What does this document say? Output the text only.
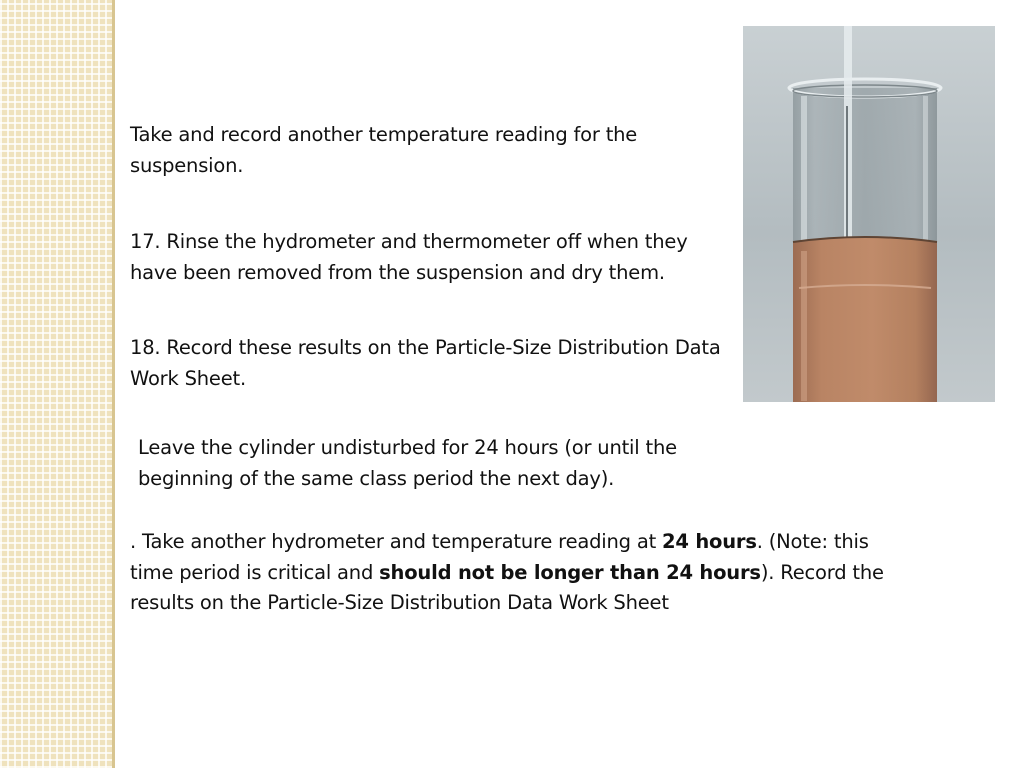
Take and record another temperature reading for the suspension.

17. Rinse the hydrometer and thermometer off when they have been removed from the suspension and dry them.

18. Record these results on the Particle-Size Distribution Data Work Sheet.

Leave the cylinder undisturbed for 24 hours (or until the beginning of the same class period the next day).

. Take another hydrometer and temperature reading at 24 hours. (Note: this time period is critical and should not be longer than 24 hours). Record the results on the Particle-Size Distribution Data Work Sheet
